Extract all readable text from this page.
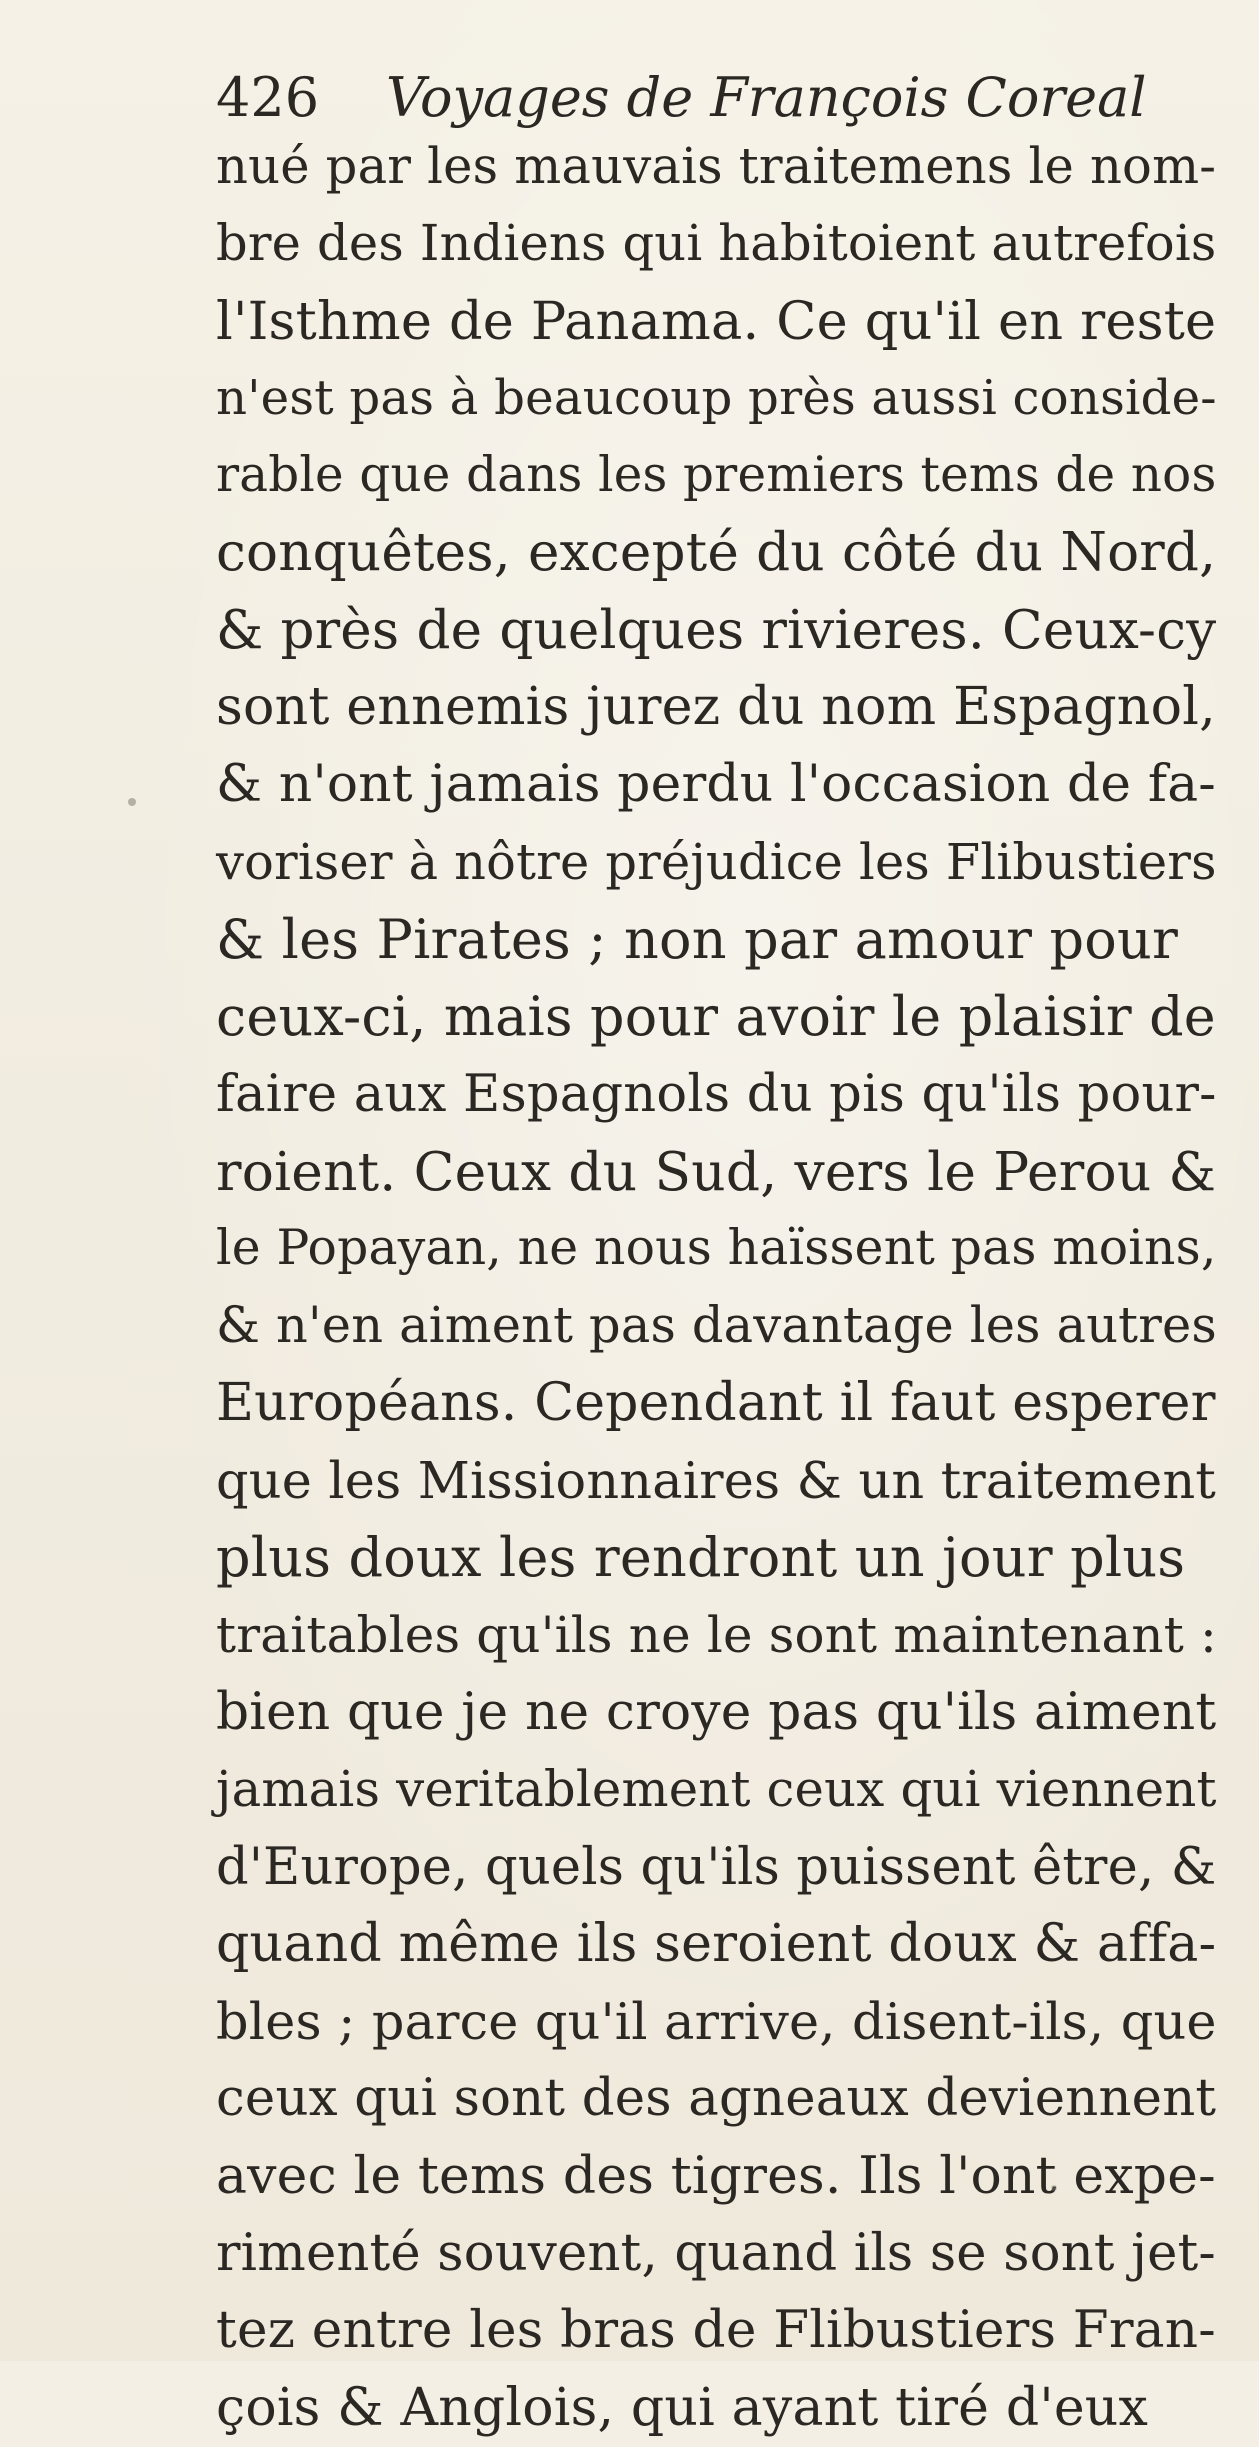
426 Voyages de François Coreal
nué par les mauvais traitemens le nom-
bre des Indiens qui habitoient autrefois
l'Isthme de Panama. Ce qu'il en reste
n'est pas à beaucoup près aussi conside-
rable que dans les premiers tems de nos
conquêtes, excepté du côté du Nord,
& près de quelques rivieres. Ceux-cy
sont ennemis jurez du nom Espagnol,
& n'ont jamais perdu l'occasion de fa-
voriser à nôtre préjudice les Flibustiers
& les Pirates ; non par amour pour
ceux-ci, mais pour avoir le plaisir de
faire aux Espagnols du pis qu'ils pour-
roient. Ceux du Sud, vers le Perou &
le Popayan, ne nous haïssent pas moins,
& n'en aiment pas davantage les autres
Européans. Cependant il faut esperer
que les Missionnaires & un traitement
plus doux les rendront un jour plus
traitables qu'ils ne le sont maintenant :
bien que je ne croye pas qu'ils aiment
jamais veritablement ceux qui viennent
d'Europe, quels qu'ils puissent être, &
quand même ils seroient doux & affa-
bles ; parce qu'il arrive, disent-ils, que
ceux qui sont des agneaux deviennent
avec le tems des tigres. Ils l'ont expe-
rimenté souvent, quand ils se sont jet-
tez entre les bras de Flibustiers Fran-
çois & Anglois, qui ayant tiré d'eux
